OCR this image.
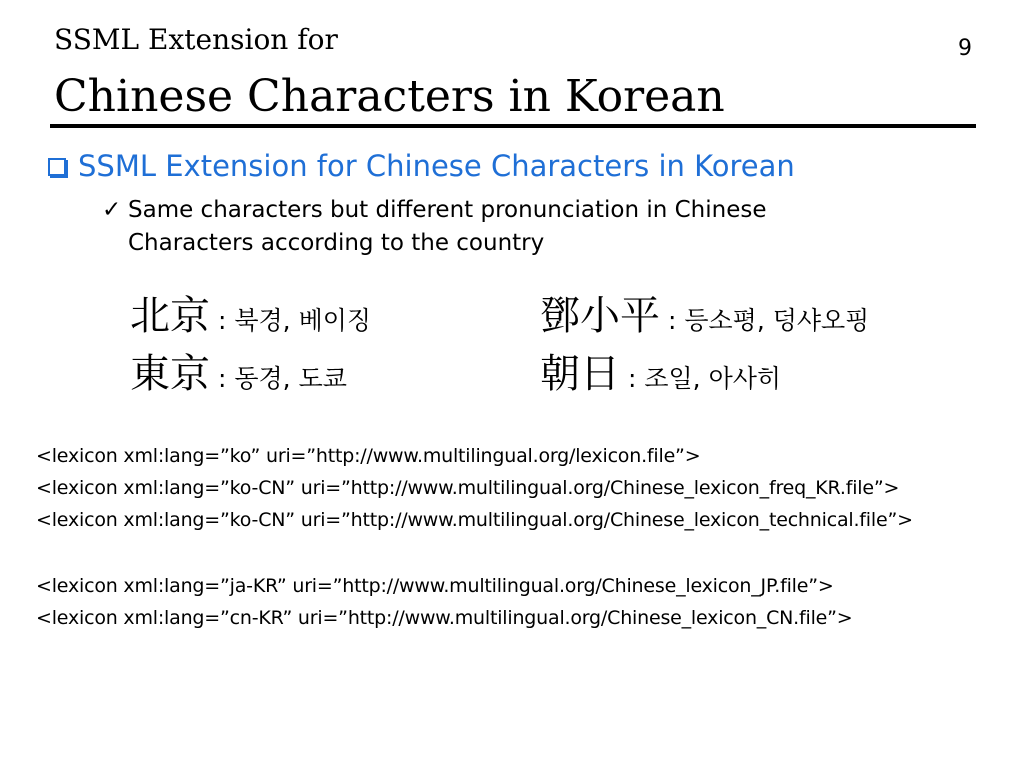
SSML Extension for
Chinese Characters in Korean
9
SSML Extension for Chinese Characters in Korean
✓ Same characters but different pronunciation in Chinese Characters according to the country
北京 : 북경, 베이징	鄧小平 : 등소평, 덩샤오핑
東京 : 동경, 도쿄	朝日 : 조일, 아사히
<lexicon xml:lang=”ko” uri=”http://www.multilingual.org/lexicon.file”>
<lexicon xml:lang=”ko-CN” uri=”http://www.multilingual.org/Chinese_lexicon_freq_KR.file”>
<lexicon xml:lang=”ko-CN” uri=”http://www.multilingual.org/Chinese_lexicon_technical.file”>
<lexicon xml:lang=”ja-KR” uri=”http://www.multilingual.org/Chinese_lexicon_JP.file”>
<lexicon xml:lang=”cn-KR” uri=”http://www.multilingual.org/Chinese_lexicon_CN.file”>
